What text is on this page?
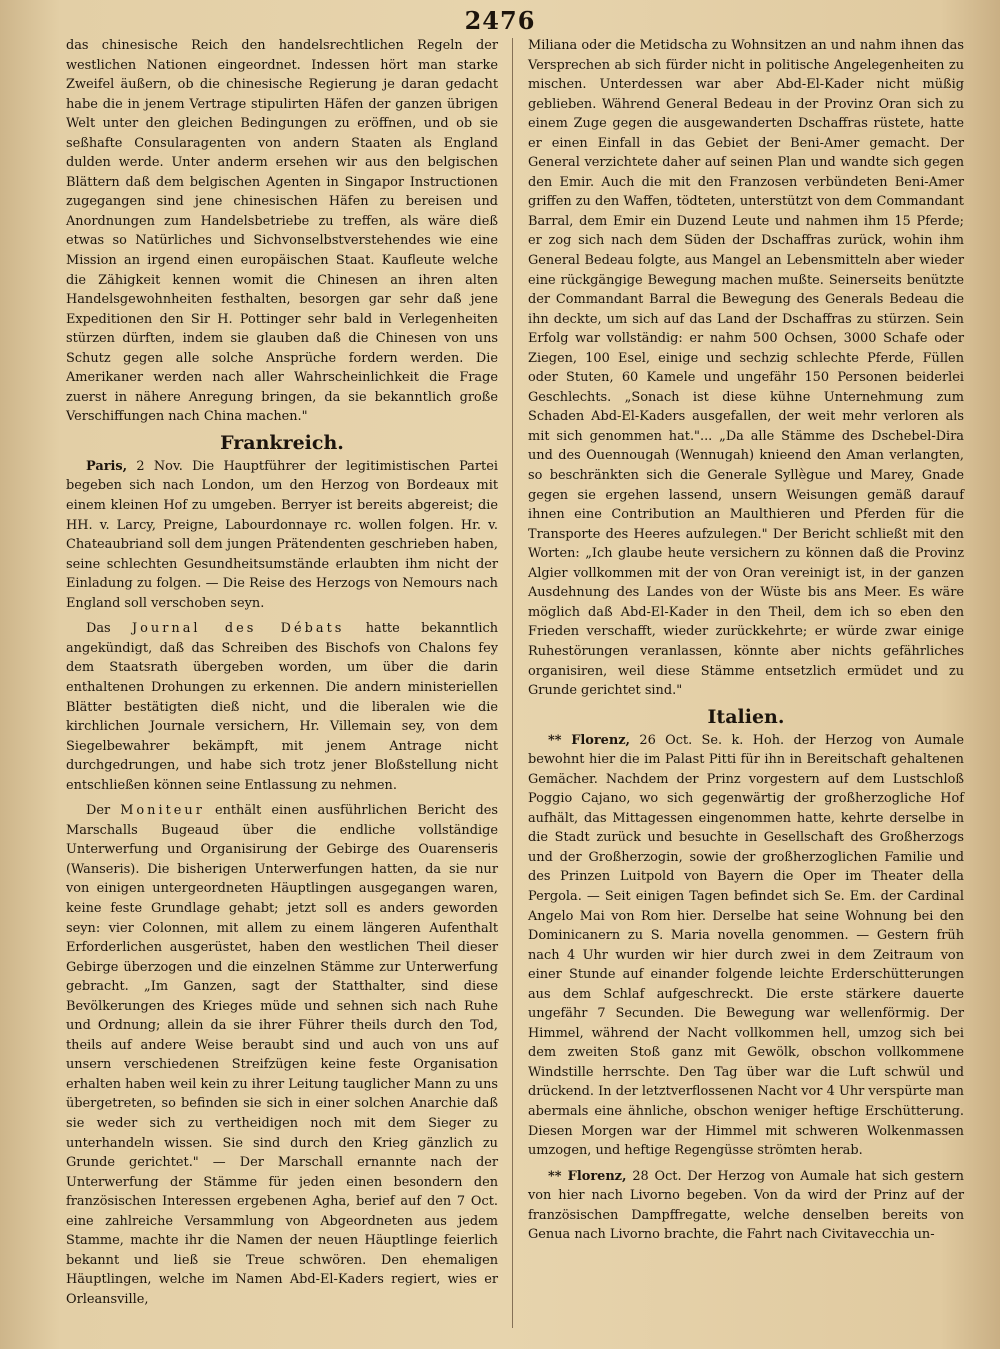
2476

das chinesische Reich den handelsrechtlichen Regeln der westlichen Nationen eingeordnet. Indessen hört man starke Zweifel äußern, ob die chinesische Regierung je daran gedacht habe die in jenem Vertrage stipulirten Häfen der ganzen übrigen Welt unter den gleichen Bedingungen zu eröffnen, und ob sie seßhafte Consularagenten von andern Staaten als England dulden werde. Unter anderm ersehen wir aus den belgischen Blättern daß dem belgischen Agenten in Singapor Instructionen zugegangen sind jene chinesischen Häfen zu bereisen und Anordnungen zum Handelsbetriebe zu treffen, als wäre dieß etwas so Natürliches und Sichvonselbstverstehendes wie eine Mission an irgend einen europäischen Staat. Kaufleute welche die Zähigkeit kennen womit die Chinesen an ihren alten Handelsgewohnheiten festhalten, besorgen gar sehr daß jene Expeditionen den Sir H. Pottinger sehr bald in Verlegenheiten stürzen dürften, indem sie glauben daß die Chinesen von uns Schutz gegen alle solche Ansprüche fordern werden. Die Amerikaner werden nach aller Wahrscheinlichkeit die Frage zuerst in nähere Anregung bringen, da sie bekanntlich große Verschiffungen nach China machen."

Frankreich.

Paris, 2 Nov. Die Hauptführer der legitimistischen Partei begeben sich nach London, um den Herzog von Bordeaux mit einem kleinen Hof zu umgeben. Berryer ist bereits abgereist; die HH. v. Larcy, Preigne, Labourdonnaye rc. wollen folgen. Hr. v. Chateaubriand soll dem jungen Prätendenten geschrieben haben, seine schlechten Gesundheitsumstände erlaubten ihm nicht der Einladung zu folgen. — Die Reise des Herzogs von Nemours nach England soll verschoben seyn.

Das Journal des Débats hatte bekanntlich angekündigt, daß das Schreiben des Bischofs von Chalons fey dem Staatsrath übergeben worden, um über die darin enthaltenen Drohungen zu erkennen. Die andern ministeriellen Blätter bestätigten dieß nicht, und die liberalen wie die kirchlichen Journale versichern, Hr. Villemain sey, von dem Siegelbewahrer bekämpft, mit jenem Antrage nicht durchgedrungen, und habe sich trotz jener Bloßstellung nicht entschließen können seine Entlassung zu nehmen.

Der Moniteur enthält einen ausführlichen Bericht des Marschalls Bugeaud über die endliche vollständige Unterwerfung und Organisirung der Gebirge des Ouarenseris (Wanseris). Die bisherigen Unterwerfungen hatten, da sie nur von einigen untergeordneten Häuptlingen ausgegangen waren, keine feste Grundlage gehabt; jetzt soll es anders geworden seyn: vier Colonnen, mit allem zu einem längeren Aufenthalt Erforderlichen ausgerüstet, haben den westlichen Theil dieser Gebirge überzogen und die einzelnen Stämme zur Unterwerfung gebracht. „Im Ganzen, sagt der Statthalter, sind diese Bevölkerungen des Krieges müde und sehnen sich nach Ruhe und Ordnung; allein da sie ihrer Führer theils durch den Tod, theils auf andere Weise beraubt sind und auch von uns auf unsern verschiedenen Streifzügen keine feste Organisation erhalten haben weil kein zu ihrer Leitung tauglicher Mann zu uns übergetreten, so befinden sie sich in einer solchen Anarchie daß sie weder sich zu vertheidigen noch mit dem Sieger zu unterhandeln wissen. Sie sind durch den Krieg gänzlich zu Grunde gerichtet." — Der Marschall ernannte nach der Unterwerfung der Stämme für jeden einen besondern den französischen Interessen ergebenen Agha, berief auf den 7 Oct. eine zahlreiche Versammlung von Abgeordneten aus jedem Stamme, machte ihr die Namen der neuen Häuptlinge feierlich bekannt und ließ sie Treue schwören. Den ehemaligen Häuptlingen, welche im Namen Abd-El-Kaders regiert, wies er Orleansville,

Miliana oder die Metidscha zu Wohnsitzen an und nahm ihnen das Versprechen ab sich fürder nicht in politische Angelegenheiten zu mischen. Unterdessen war aber Abd-El-Kader nicht müßig geblieben. Während General Bedeau in der Provinz Oran sich zu einem Zuge gegen die ausgewanderten Dschaffras rüstete, hatte er einen Einfall in das Gebiet der Beni-Amer gemacht. Der General verzichtete daher auf seinen Plan und wandte sich gegen den Emir. Auch die mit den Franzosen verbündeten Beni-Amer griffen zu den Waffen, tödteten, unterstützt von dem Commandant Barral, dem Emir ein Duzend Leute und nahmen ihm 15 Pferde; er zog sich nach dem Süden der Dschaffras zurück, wohin ihm General Bedeau folgte, aus Mangel an Lebensmitteln aber wieder eine rückgängige Bewegung machen mußte. Seinerseits benützte der Commandant Barral die Bewegung des Generals Bedeau die ihn deckte, um sich auf das Land der Dschaffras zu stürzen. Sein Erfolg war vollständig: er nahm 500 Ochsen, 3000 Schafe oder Ziegen, 100 Esel, einige und sechzig schlechte Pferde, Füllen oder Stuten, 60 Kamele und ungefähr 150 Personen beiderlei Geschlechts. „Sonach ist diese kühne Unternehmung zum Schaden Abd-El-Kaders ausgefallen, der weit mehr verloren als mit sich genommen hat."... „Da alle Stämme des Dschebel-Dira und des Ouennougah (Wennugah) knieend den Aman verlangten, so beschränkten sich die Generale Syllègue und Marey, Gnade gegen sie ergehen lassend, unsern Weisungen gemäß darauf ihnen eine Contribution an Maulthieren und Pferden für die Transporte des Heeres aufzulegen." Der Bericht schließt mit den Worten: „Ich glaube heute versichern zu können daß die Provinz Algier vollkommen mit der von Oran vereinigt ist, in der ganzen Ausdehnung des Landes von der Wüste bis ans Meer. Es wäre möglich daß Abd-El-Kader in den Theil, dem ich so eben den Frieden verschafft, wieder zurückkehrte; er würde zwar einige Ruhestörungen veranlassen, könnte aber nichts gefährliches organisiren, weil diese Stämme entsetzlich ermüdet und zu Grunde gerichtet sind."

Italien.

** Florenz, 26 Oct. Se. k. Hoh. der Herzog von Aumale bewohnt hier die im Palast Pitti für ihn in Bereitschaft gehaltenen Gemächer. Nachdem der Prinz vorgestern auf dem Lustschloß Poggio Cajano, wo sich gegenwärtig der großherzogliche Hof aufhält, das Mittagessen eingenommen hatte, kehrte derselbe in die Stadt zurück und besuchte in Gesellschaft des Großherzogs und der Großherzogin, sowie der großherzoglichen Familie und des Prinzen Luitpold von Bayern die Oper im Theater della Pergola. — Seit einigen Tagen befindet sich Se. Em. der Cardinal Angelo Mai von Rom hier. Derselbe hat seine Wohnung bei den Dominicanern zu S. Maria novella genommen. — Gestern früh nach 4 Uhr wurden wir hier durch zwei in dem Zeitraum von einer Stunde auf einander folgende leichte Erderschütterungen aus dem Schlaf aufgeschreckt. Die erste stärkere dauerte ungefähr 7 Secunden. Die Bewegung war wellenförmig. Der Himmel, während der Nacht vollkommen hell, umzog sich bei dem zweiten Stoß ganz mit Gewölk, obschon vollkommene Windstille herrschte. Den Tag über war die Luft schwül und drückend. In der letztverflossenen Nacht vor 4 Uhr verspürte man abermals eine ähnliche, obschon weniger heftige Erschütterung. Diesen Morgen war der Himmel mit schweren Wolkenmassen umzogen, und heftige Regengüsse strömten herab.

** Florenz, 28 Oct. Der Herzog von Aumale hat sich gestern von hier nach Livorno begeben. Von da wird der Prinz auf der französischen Dampffregatte, welche denselben bereits von Genua nach Livorno brachte, die Fahrt nach Civitavecchia un-
